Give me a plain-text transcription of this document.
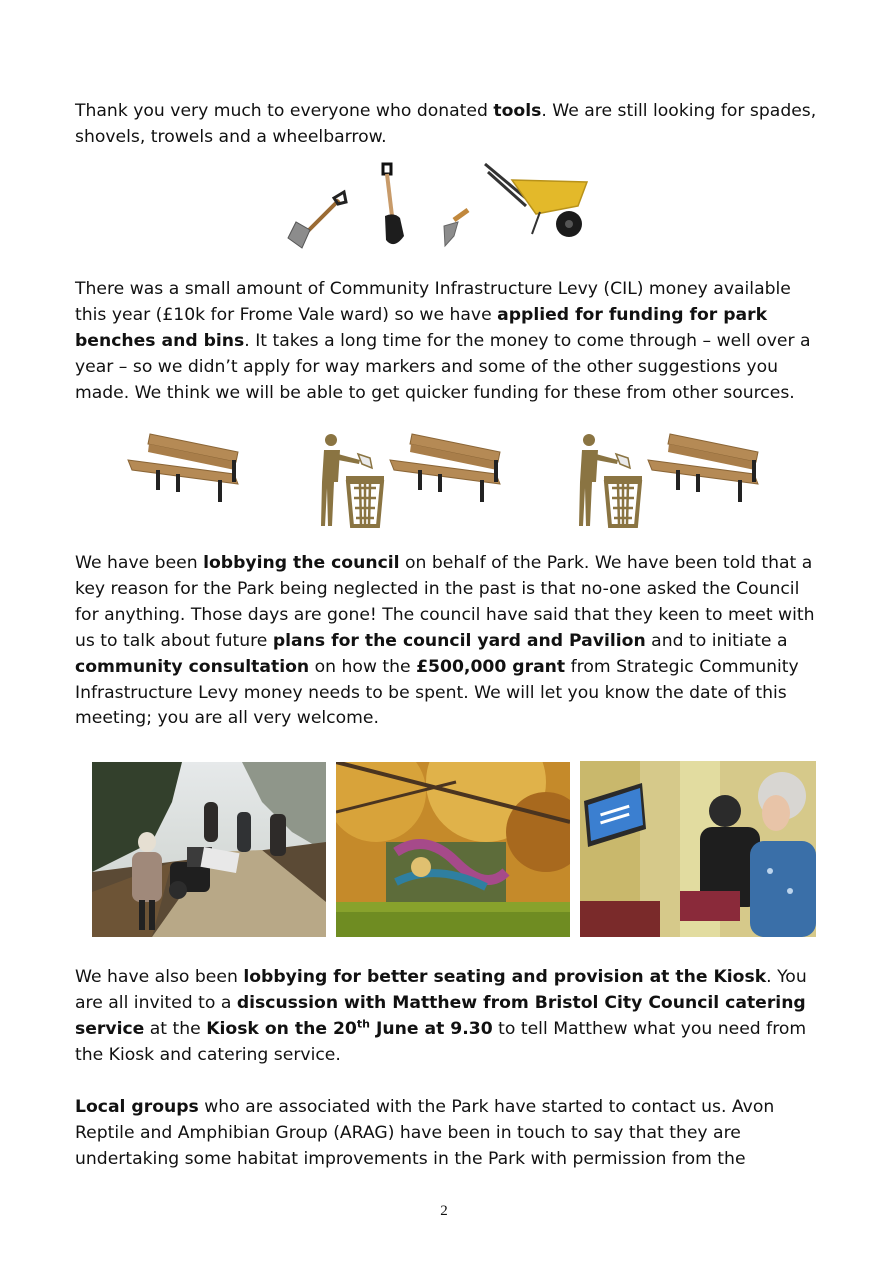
Thank you very much to everyone who donated tools. We are still looking for spades, shovels, trowels and a wheelbarrow.

There was a small amount of Community Infrastructure Levy (CIL) money available this year (£10k for Frome Vale ward) so we have applied for funding for park benches and bins. It takes a long time for the money to come through – well over a year – so we didn’t apply for way markers and some of the other suggestions you made. We think we will be able to get quicker funding for these from other sources.

We have been lobbying the council on behalf of the Park. We have been told that a key reason for the Park being neglected in the past is that no-one asked the Council for anything. Those days are gone! The council have said that they keen to meet with us to talk about future plans for the council yard and Pavilion and to initiate a community consultation on how the £500,000 grant from Strategic Community Infrastructure Levy money needs to be spent. We will let you know the date of this meeting; you are all very welcome.

We have also been lobbying for better seating and provision at the Kiosk. You are all invited to a discussion with Matthew from Bristol City Council catering service at the Kiosk on the 20th June at 9.30 to tell Matthew what you need from the Kiosk and catering service.

Local groups who are associated with the Park have started to contact us. Avon Reptile and Amphibian Group (ARAG) have been in touch to say that they are undertaking some habitat improvements in the Park with permission from the

2
